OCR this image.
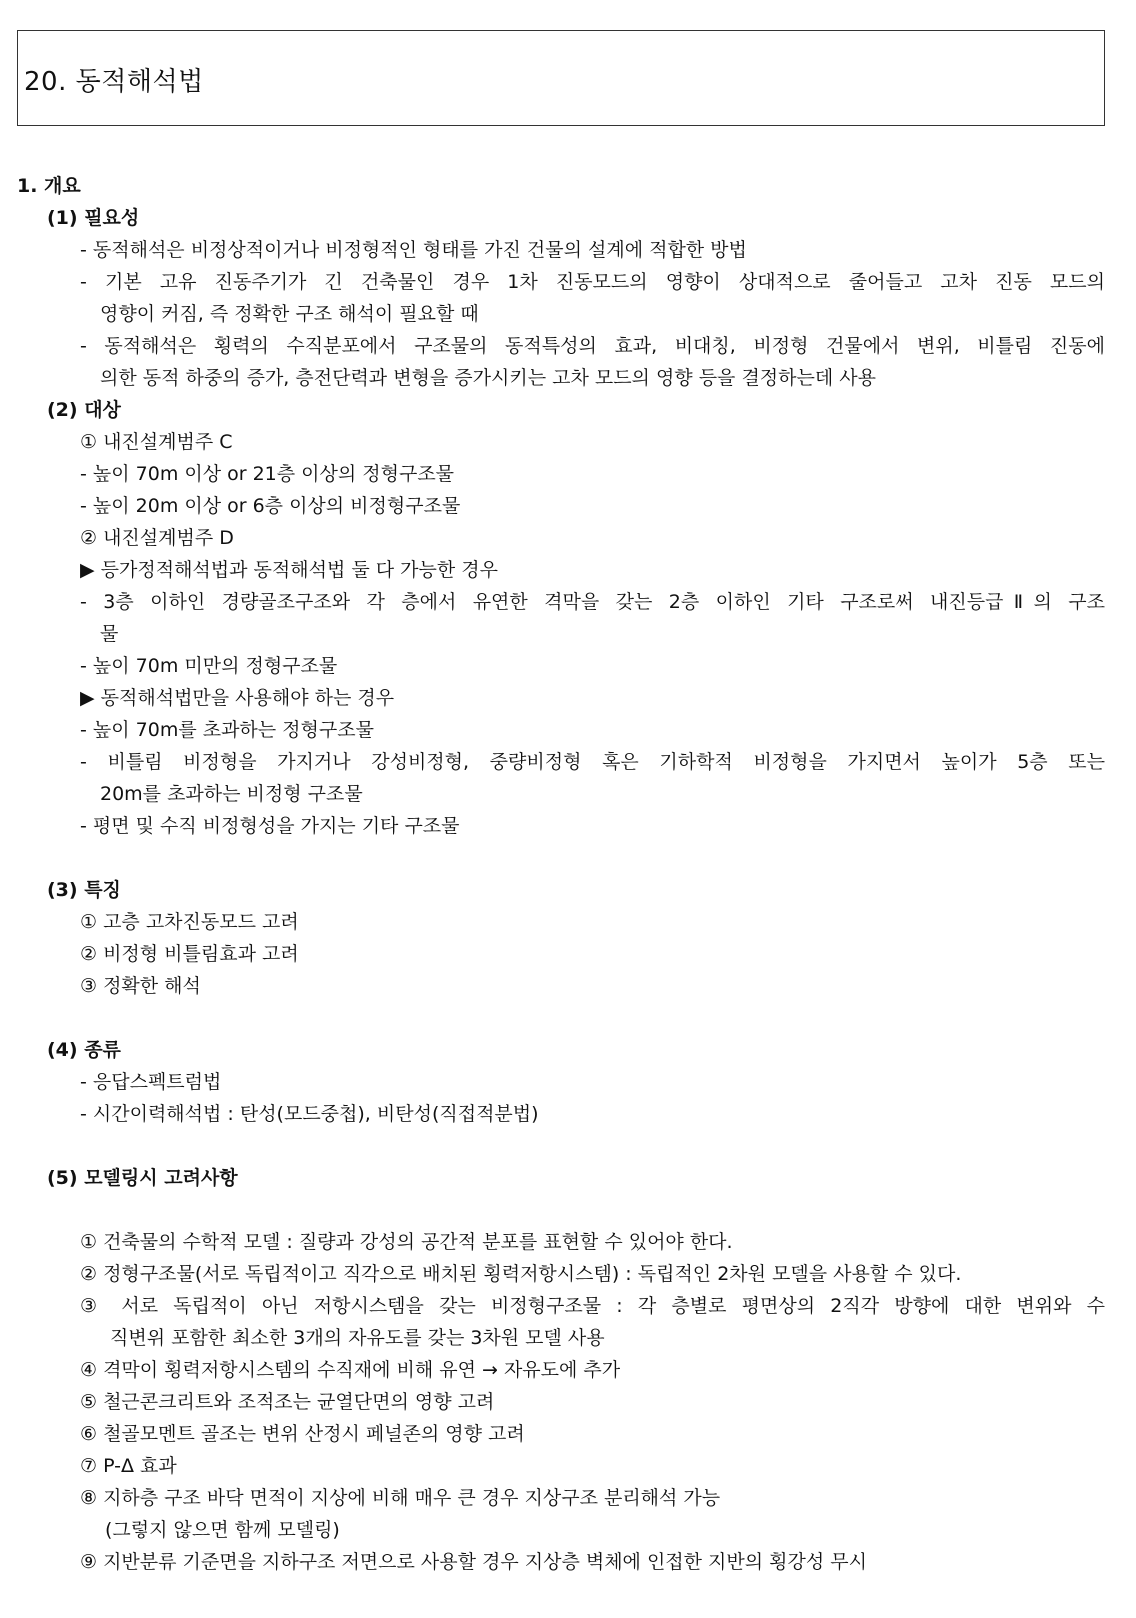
20. 동적해석법
1. 개요
(1) 필요성
- 동적해석은 비정상적이거나 비정형적인 형태를 가진 건물의 설계에 적합한 방법
- 기본 고유 진동주기가 긴 건축물인 경우 1차 진동모드의 영향이 상대적으로 줄어들고 고차 진동 모드의
영향이 커짐, 즉 정확한 구조 해석이 필요할 때
- 동적해석은 횡력의 수직분포에서 구조물의 동적특성의 효과, 비대칭, 비정형 건물에서 변위, 비틀림 진동에
의한 동적 하중의 증가, 층전단력과 변형을 증가시키는 고차 모드의 영향 등을 결정하는데 사용
(2) 대상
① 내진설계범주 C
- 높이 70m 이상 or 21층 이상의 정형구조물
- 높이 20m 이상 or 6층 이상의 비정형구조물
② 내진설계범주 D
▶ 등가정적해석법과 동적해석법 둘 다 가능한 경우
- 3층 이하인 경량골조구조와 각 층에서 유연한 격막을 갖는 2층 이하인 기타 구조로써 내진등급Ⅱ의 구조
물
- 높이 70m 미만의 정형구조물
▶ 동적해석법만을 사용해야 하는 경우
- 높이 70m를 초과하는 정형구조물
- 비틀림 비정형을 가지거나 강성비정형, 중량비정형 혹은 기하학적 비정형을 가지면서 높이가 5층 또는
20m를 초과하는 비정형 구조물
- 평면 및 수직 비정형성을 가지는 기타 구조물
(3) 특징
① 고층 고차진동모드 고려
② 비정형 비틀림효과 고려
③ 정확한 해석
(4) 종류
- 응답스펙트럼법
- 시간이력해석법 : 탄성(모드중첩), 비탄성(직접적분법)
(5) 모델링시 고려사항
① 건축물의 수학적 모델 : 질량과 강성의 공간적 분포를 표현할 수 있어야 한다.
② 정형구조물(서로 독립적이고 직각으로 배치된 횡력저항시스템) : 독립적인 2차원 모델을 사용할 수 있다.
③ 서로 독립적이 아닌 저항시스템을 갖는 비정형구조물 : 각 층별로 평면상의 2직각 방향에 대한 변위와 수
직변위 포함한 최소한 3개의 자유도를 갖는 3차원 모델 사용
④ 격막이 횡력저항시스템의 수직재에 비해 유연 → 자유도에 추가
⑤ 철근콘크리트와 조적조는 균열단면의 영향 고려
⑥ 철골모멘트 골조는 변위 산정시 페널존의 영향 고려
⑦ P-Δ 효과
⑧ 지하층 구조 바닥 면적이 지상에 비해 매우 큰 경우 지상구조 분리해석 가능
(그렇지 않으면 함께 모델링)
⑨ 지반분류 기준면을 지하구조 저면으로 사용할 경우 지상층 벽체에 인접한 지반의 횡강성 무시
